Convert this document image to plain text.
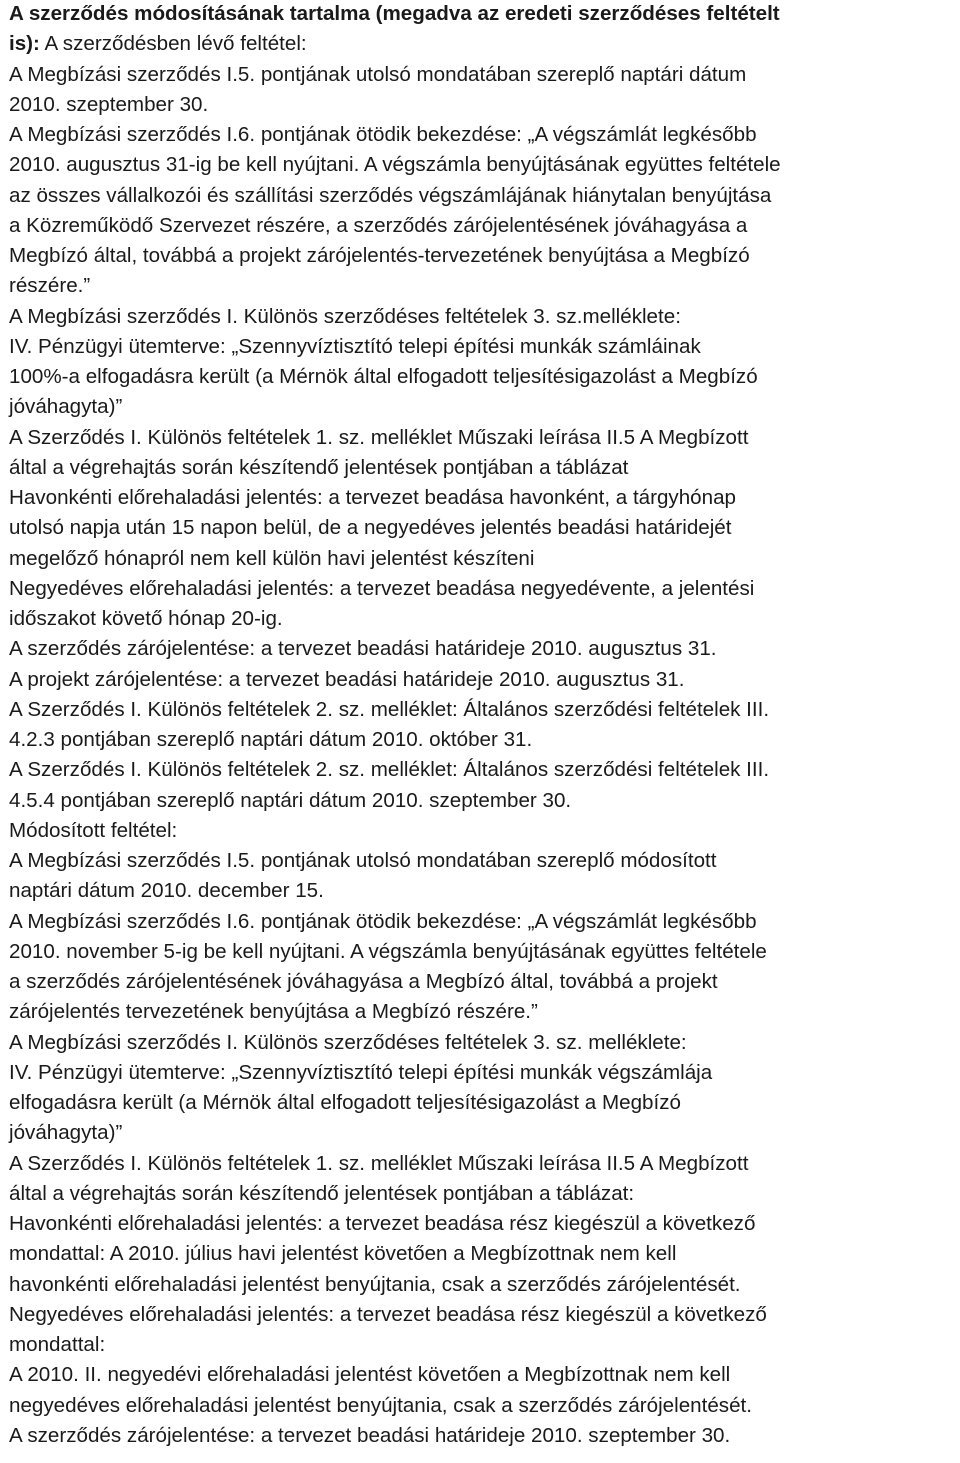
A szerződés módosításának tartalma (megadva az eredeti szerződéses feltételt
is): A szerződésben lévő feltétel:
A Megbízási szerződés I.5. pontjának utolsó mondatában szereplő naptári dátum
2010. szeptember 30.
A Megbízási szerződés I.6. pontjának ötödik bekezdése: „A végszámlát legkésőbb
2010. augusztus 31-ig be kell nyújtani. A végszámla benyújtásának együttes feltétele
az összes vállalkozói és szállítási szerződés végszámlájának hiánytalan benyújtása
a Közreműködő Szervezet részére, a szerződés zárójelentésének jóváhagyása a
Megbízó által, továbbá a projekt zárójelentés-tervezetének benyújtása a Megbízó
részére.”
A Megbízási szerződés I. Különös szerződéses feltételek 3. sz.melléklete:
IV. Pénzügyi ütemterve: „Szennyvíztisztító telepi építési munkák számláinak
100%-a elfogadásra került (a Mérnök által elfogadott teljesítésigazolást a Megbízó
jóváhagyta)”
A Szerződés I. Különös feltételek 1. sz. melléklet Műszaki leírása II.5 A Megbízott
által a végrehajtás során készítendő jelentések pontjában a táblázat
Havonkénti előrehaladási jelentés: a tervezet beadása havonként, a tárgyhónap
utolsó napja után 15 napon belül, de a negyedéves jelentés beadási határidejét
megelőző hónapról nem kell külön havi jelentést készíteni
Negyedéves előrehaladási jelentés: a tervezet beadása negyedévente, a jelentési
időszakot követő hónap 20-ig.
A szerződés zárójelentése: a tervezet beadási határideje 2010. augusztus 31.
A projekt zárójelentése: a tervezet beadási határideje 2010. augusztus 31.
A Szerződés I. Különös feltételek 2. sz. melléklet: Általános szerződési feltételek III.
4.2.3 pontjában szereplő naptári dátum 2010. október 31.
A Szerződés I. Különös feltételek 2. sz. melléklet: Általános szerződési feltételek III.
4.5.4 pontjában szereplő naptári dátum 2010. szeptember 30.
Módosított feltétel:
A Megbízási szerződés I.5. pontjának utolsó mondatában szereplő módosított
naptári dátum 2010. december 15.
A Megbízási szerződés I.6. pontjának ötödik bekezdése: „A végszámlát legkésőbb
2010. november 5-ig be kell nyújtani. A végszámla benyújtásának együttes feltétele
a szerződés zárójelentésének jóváhagyása a Megbízó által, továbbá a projekt
zárójelentés tervezetének benyújtása a Megbízó részére.”
A Megbízási szerződés I. Különös szerződéses feltételek 3. sz. melléklete:
IV. Pénzügyi ütemterve: „Szennyvíztisztító telepi építési munkák végszámlája
elfogadásra került (a Mérnök által elfogadott teljesítésigazolást a Megbízó
jóváhagyta)”
A Szerződés I. Különös feltételek 1. sz. melléklet Műszaki leírása II.5 A Megbízott
által a végrehajtás során készítendő jelentések pontjában a táblázat:
Havonkénti előrehaladási jelentés: a tervezet beadása rész kiegészül a következő
mondattal: A 2010. július havi jelentést követően a Megbízottnak nem kell
havonkénti előrehaladási jelentést benyújtania, csak a szerződés zárójelentését.
Negyedéves előrehaladási jelentés: a tervezet beadása rész kiegészül a következő
mondattal:
A 2010. II. negyedévi előrehaladási jelentést követően a Megbízottnak nem kell
negyedéves előrehaladási jelentést benyújtania, csak a szerződés zárójelentését.
A szerződés zárójelentése: a tervezet beadási határideje 2010. szeptember 30.
